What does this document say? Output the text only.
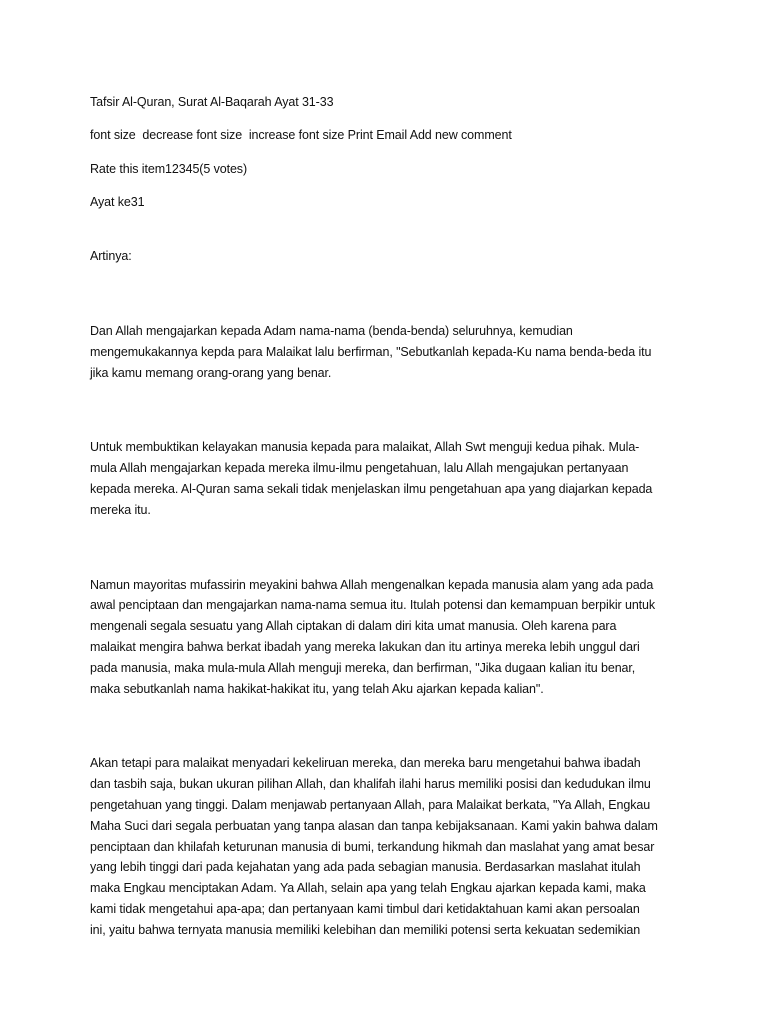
Tafsir Al-Quran, Surat Al-Baqarah Ayat 31-33

font size decrease font size increase font size Print Email Add new comment

Rate this item12345(5 votes)

Ayat ke31

Artinya:

Dan Allah mengajarkan kepada Adam nama-nama (benda-benda) seluruhnya, kemudian

mengemukakannya kepda para Malaikat lalu berfirman, "Sebutkanlah kepada-Ku nama benda-beda itu

jika kamu memang orang-orang yang benar.

Untuk membuktikan kelayakan manusia kepada para malaikat, Allah Swt menguji kedua pihak. Mula-

mula Allah mengajarkan kepada mereka ilmu-ilmu pengetahuan, lalu Allah mengajukan pertanyaan

kepada mereka. Al-Quran sama sekali tidak menjelaskan ilmu pengetahuan apa yang diajarkan kepada

mereka itu.

Namun mayoritas mufassirin meyakini bahwa Allah mengenalkan kepada manusia alam yang ada pada

awal penciptaan dan mengajarkan nama-nama semua itu. Itulah potensi dan kemampuan berpikir untuk

mengenali segala sesuatu yang Allah ciptakan di dalam diri kita umat manusia. Oleh karena para

malaikat mengira bahwa berkat ibadah yang mereka lakukan dan itu artinya mereka lebih unggul dari

pada manusia, maka mula-mula Allah menguji mereka, dan berfirman, "Jika dugaan kalian itu benar,

maka sebutkanlah nama hakikat-hakikat itu, yang telah Aku ajarkan kepada kalian".

Akan tetapi para malaikat menyadari kekeliruan mereka, dan mereka baru mengetahui bahwa ibadah

dan tasbih saja, bukan ukuran pilihan Allah, dan khalifah ilahi harus memiliki posisi dan kedudukan ilmu

pengetahuan yang tinggi. Dalam menjawab pertanyaan Allah, para Malaikat berkata, "Ya Allah, Engkau

Maha Suci dari segala perbuatan yang tanpa alasan dan tanpa kebijaksanaan. Kami yakin bahwa dalam

penciptaan dan khilafah keturunan manusia di bumi, terkandung hikmah dan maslahat yang amat besar

yang lebih tinggi dari pada kejahatan yang ada pada sebagian manusia. Berdasarkan maslahat itulah

maka Engkau menciptakan Adam. Ya Allah, selain apa yang telah Engkau ajarkan kepada kami, maka

kami tidak mengetahui apa-apa; dan pertanyaan kami timbul dari ketidaktahuan kami akan persoalan

ini, yaitu bahwa ternyata manusia memiliki kelebihan dan memiliki potensi serta kekuatan sedemikian
